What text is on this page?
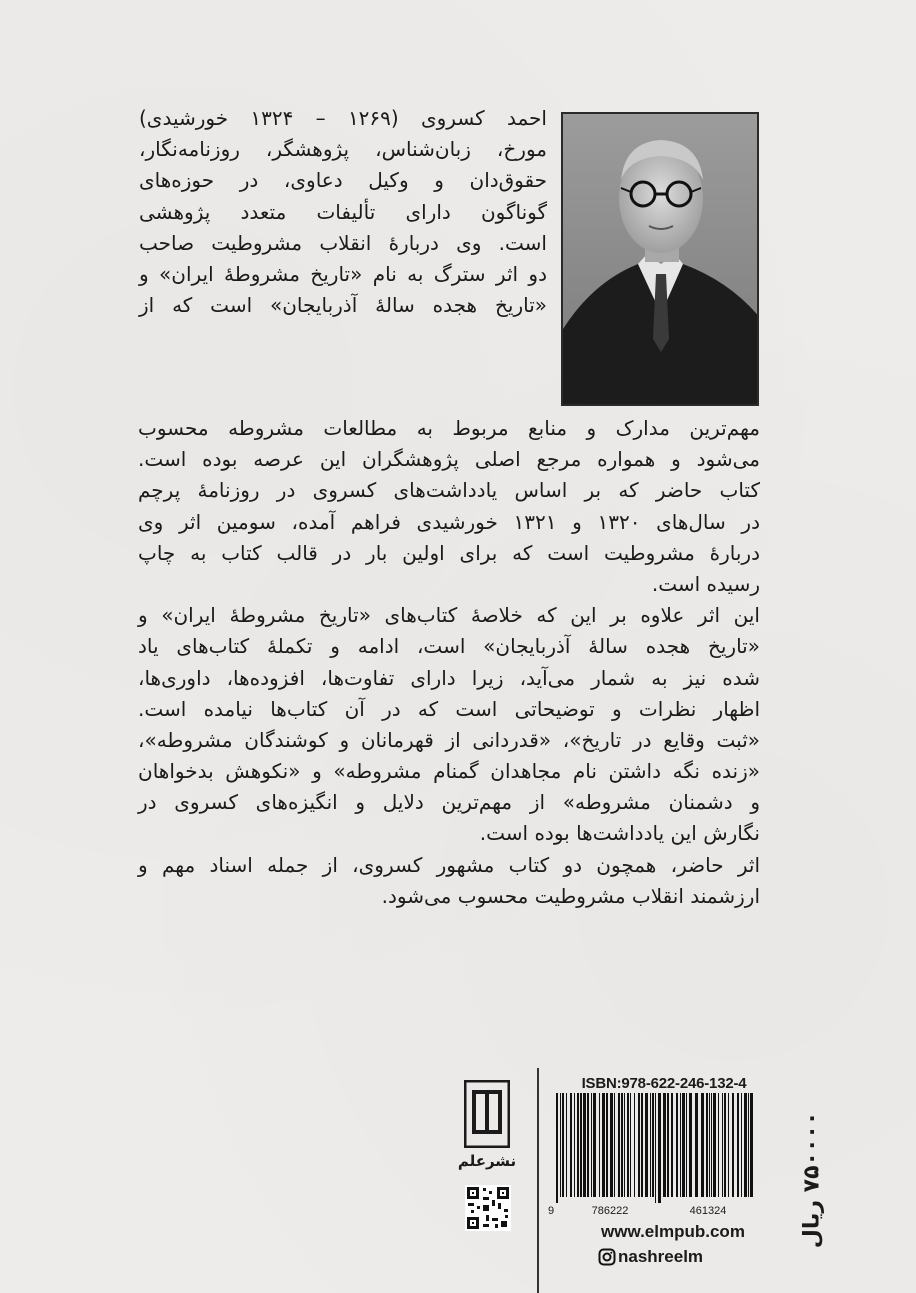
احمد کسروی (۱۲۶۹ – ۱۳۲۴ خورشیدی)
مورخ، زبان‌شناس، پژوهشگر، روزنامه‌نگار،
حقوق‌دان و وکیل دعاوی، در حوزه‌های
گوناگون دارای تألیفات متعدد پژوهشی
است. وی دربارهٔ انقلاب مشروطیت صاحب
دو اثر سترگ به نام «تاریخ مشروطهٔ ایران» و
«تاریخ هجده سالهٔ آذربایجان» است که از
مهم‌ترین مدارک و منابع مربوط به مطالعات مشروطه محسوب
می‌شود و همواره مرجع اصلی پژوهشگران این عرصه بوده است.
کتاب حاضر که بر اساس یادداشت‌های کسروی در روزنامهٔ پرچم
در سال‌های ۱۳۲۰ و ۱۳۲۱ خورشیدی فراهم آمده، سومین اثر وی
دربارهٔ مشروطیت است که برای اولین بار در قالب کتاب به چاپ
رسیده است.
این اثر علاوه بر این که خلاصهٔ کتاب‌های «تاریخ مشروطهٔ ایران» و
«تاریخ هجده سالهٔ آذربایجان» است، ادامه و تکملهٔ کتاب‌های یاد
شده نیز به شمار می‌آید، زیرا دارای تفاوت‌ها، افزوده‌ها، داوری‌ها،
اظهار نظرات و توضیحاتی است که در آن کتاب‌ها نیامده است.
«ثبت وقایع در تاریخ»، «قدردانی از قهرمانان و کوشندگان مشروطه»،
«زنده نگه داشتن نام مجاهدان گمنام مشروطه» و «نکوهش بدخواهان
و دشمنان مشروطه» از مهم‌ترین دلایل و انگیزه‌های کسروی در
نگارش این یادداشت‌ها بوده است.
اثر حاضر، همچون دو کتاب مشهور کسروی، از جمله اسناد مهم و
ارزشمند انقلاب مشروطیت محسوب می‌شود.
نشرعلم
ISBN:978-622-246-132-4
9	786222	461324	۷۵۰۰۰۰ ریال
www.elmpub.com
nashreelm
